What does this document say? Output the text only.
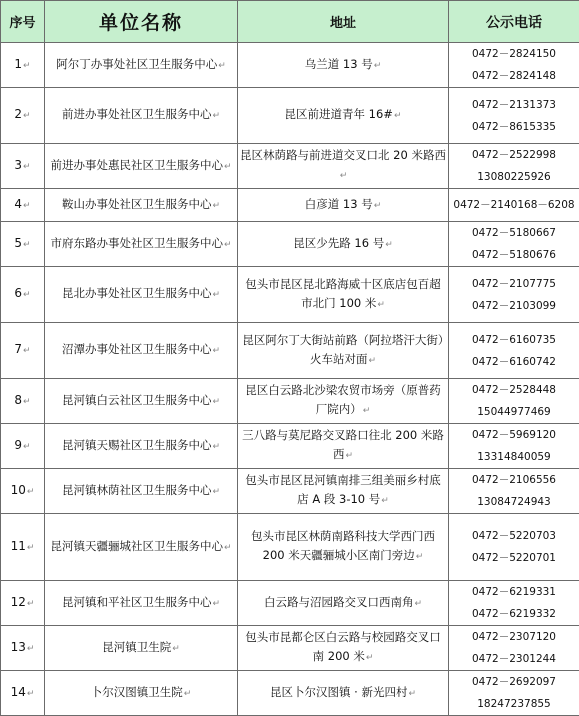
序号	单位名称	地址	公示电话
1↵	阿尔丁办事处社区卫生服务中心↵	乌兰道 13 号↵	0472－2824150
0472－2824148

2↵	前进办事处社区卫生服务中心↵	昆区前进道青年 16#↵	0472－2131373
0472－8615335

3↵	前进办事处惠民社区卫生服务中心↵	昆区林荫路与前进道交叉口北 20 米路西↵	0472－2522998
13080225926

4↵	鞍山办事处社区卫生服务中心↵	白彦道 13 号↵	0472－2140168－6208

5↵	市府东路办事处社区卫生服务中心↵	昆区少先路 16 号↵	0472－5180667
0472－5180676

6↵	昆北办事处社区卫生服务中心↵	包头市昆区昆北路海威十区底店包百超市北门 100 米↵	0472－2107775
0472－2103099

7↵	沼潭办事处社区卫生服务中心↵	昆区阿尔丁大街站前路（阿拉塔汗大街）火车站对面↵	0472－6160735
0472－6160742

8↵	昆河镇白云社区卫生服务中心↵	昆区白云路北沙梁农贸市场旁（原普药厂院内）↵	0472－2528448
15044977469

9↵	昆河镇天赐社区卫生服务中心↵	三八路与莫尼路交叉路口往北 200 米路西↵	0472－5969120
13314840059

10↵	昆河镇林荫社区卫生服务中心↵	包头市昆区昆河镇南排三组美丽乡村底店 A 段 3-10 号↵	0472－2106556
13084724943

11↵	昆河镇天疆骊城社区卫生服务中心↵	包头市昆区林荫南路科技大学西门西 200 米天疆骊城小区南门旁边↵	0472－5220703
0472－5220701

12↵	昆河镇和平社区卫生服务中心↵	白云路与沼园路交叉口西南角↵	0472－6219331
0472－6219332

13↵	昆河镇卫生院↵	包头市昆都仑区白云路与校园路交叉口南 200 米↵	0472－2307120
0472－2301244

14↵	卜尔汉图镇卫生院↵	昆区卜尔汉图镇 · 新光四村↵	0472－2692097
18247237855
